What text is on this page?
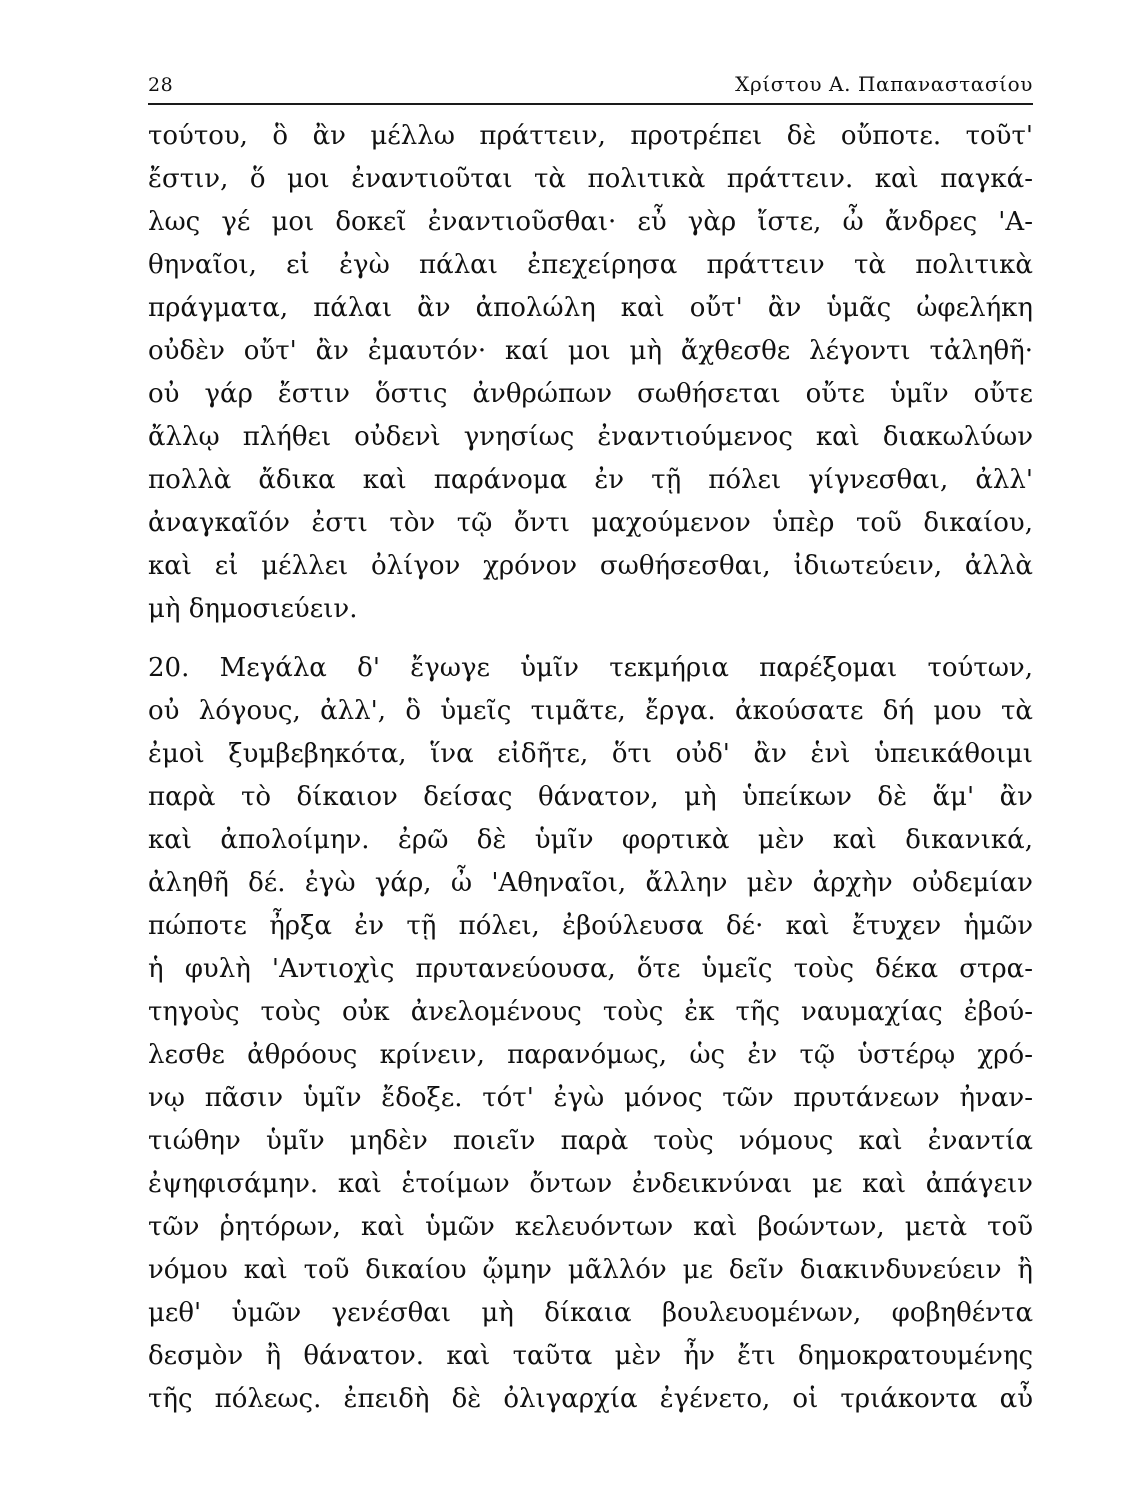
28	Χρίστου Α. Παπαναστασίου
τούτου, ὃ ἂν μέλλω πράττειν, προτρέπει δὲ οὔποτε. τοῦτ'
ἔστιν, ὅ μοι ἐναντιοῦται τὰ πολιτικὰ πράττειν. καὶ παγκά-
λως γέ μοι δοκεῖ ἐναντιοῦσθαι· εὖ γὰρ ἴστε, ὦ ἄνδρες 'Α-
θηναῖοι, εἰ ἐγὼ πάλαι ἐπεχείρησα πράττειν τὰ πολιτικὰ
πράγματα, πάλαι ἂν ἀπολώλη καὶ οὔτ' ἂν ὑμᾶς ὠφελήκη
οὐδὲν οὔτ' ἂν ἐμαυτόν· καί μοι μὴ ἄχθεσθε λέγοντι τἀληθῆ·
οὐ γάρ ἔστιν ὅστις ἀνθρώπων σωθήσεται οὔτε ὑμῖν οὔτε
ἄλλῳ πλήθει οὐδενὶ γνησίως ἐναντιούμενος καὶ διακωλύων
πολλὰ ἄδικα καὶ παράνομα ἐν τῇ πόλει γίγνεσθαι, ἀλλ'
ἀναγκαῖόν ἐστι τὸν τῷ ὄντι μαχούμενον ὑπὲρ τοῦ δικαίου,
καὶ εἰ μέλλει ὀλίγον χρόνον σωθήσεσθαι, ἰδιωτεύειν, ἀλλὰ
μὴ δημοσιεύειν.
20. Μεγάλα δ' ἔγωγε ὑμῖν τεκμήρια παρέξομαι τούτων,
οὐ λόγους, ἀλλ', ὃ ὑμεῖς τιμᾶτε, ἔργα. ἀκούσατε δή μου τὰ
ἐμοὶ ξυμβεβηκότα, ἵνα εἰδῆτε, ὅτι οὐδ' ἂν ἑνὶ ὑπεικάθοιμι
παρὰ τὸ δίκαιον δείσας θάνατον, μὴ ὑπείκων δὲ ἅμ' ἂν
καὶ ἀπολοίμην. ἐρῶ δὲ ὑμῖν φορτικὰ μὲν καὶ δικανικά,
ἀληθῆ δέ. ἐγὼ γάρ, ὦ 'Αθηναῖοι, ἄλλην μὲν ἀρχὴν οὐδεμίαν
πώποτε ἦρξα ἐν τῇ πόλει, ἐβούλευσα δέ· καὶ ἔτυχεν ἡμῶν
ἡ φυλὴ 'Αντιοχὶς πρυτανεύουσα, ὅτε ὑμεῖς τοὺς δέκα στρα-
τηγοὺς τοὺς οὐκ ἀνελομένους τοὺς ἐκ τῆς ναυμαχίας ἐβού-
λεσθε ἀθρόους κρίνειν, παρανόμως, ὡς ἐν τῷ ὑστέρῳ χρό-
νῳ πᾶσιν ὑμῖν ἔδοξε. τότ' ἐγὼ μόνος τῶν πρυτάνεων ἠναν-
τιώθην ὑμῖν μηδὲν ποιεῖν παρὰ τοὺς νόμους καὶ ἐναντία
ἐψηφισάμην. καὶ ἑτοίμων ὄντων ἐνδεικνύναι με καὶ ἀπάγειν
τῶν ῥητόρων, καὶ ὑμῶν κελευόντων καὶ βοώντων, μετὰ τοῦ
νόμου καὶ τοῦ δικαίου ᾤμην μᾶλλόν με δεῖν διακινδυνεύειν ἢ
μεθ' ὑμῶν γενέσθαι μὴ δίκαια βουλευομένων, φοβηθέντα
δεσμὸν ἢ θάνατον. καὶ ταῦτα μὲν ἦν ἔτι δημοκρατουμένης
τῆς πόλεως. ἐπειδὴ δὲ ὀλιγαρχία ἐγένετο, οἱ τριάκοντα αὖ
